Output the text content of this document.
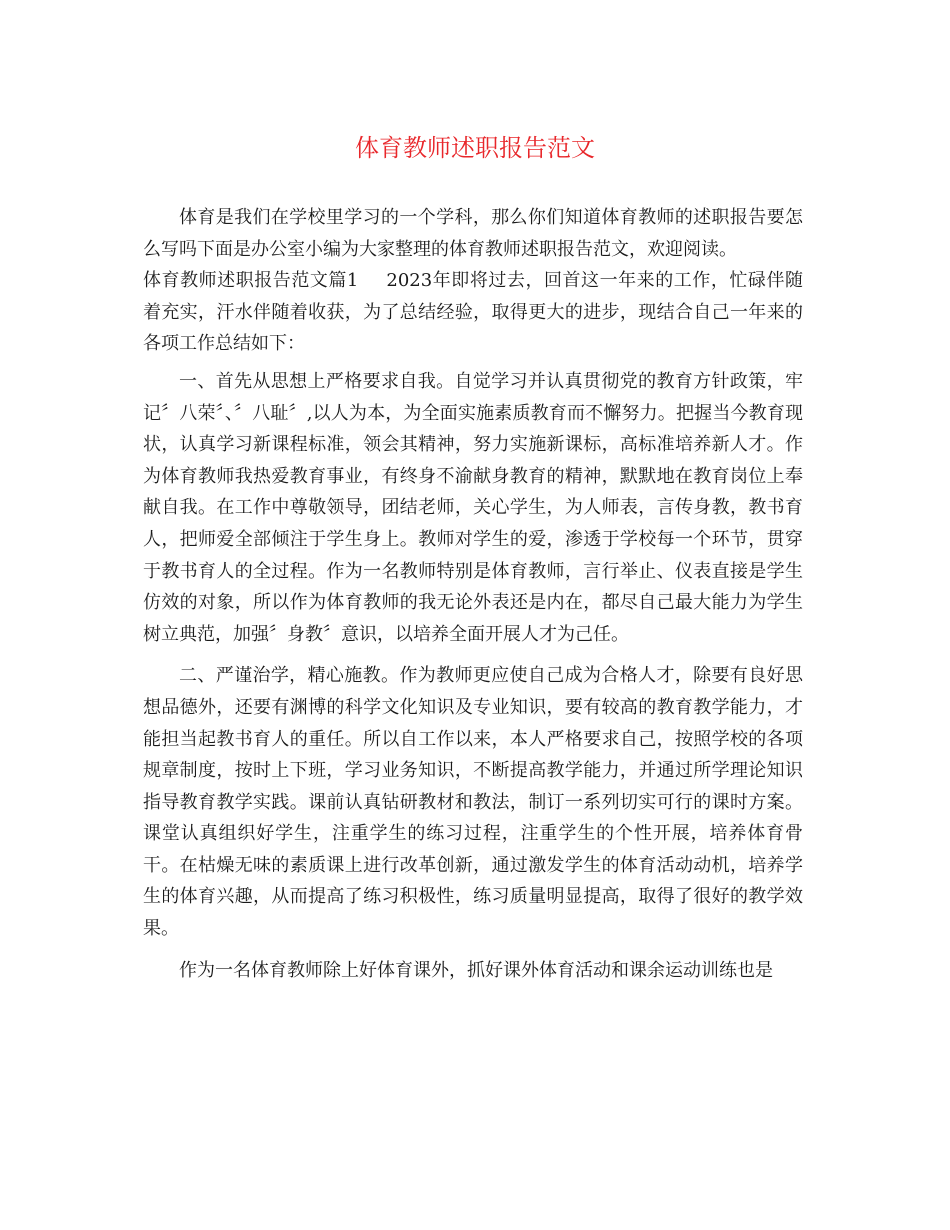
体育教师述职报告范文

体育是我们在学校里学习的一个学科，那么你们知道体育教师的述职报告要怎么写吗下面是办公室小编为大家整理的体育教师述职报告范文，欢迎阅读。

体育教师述职报告范文篇1 2023年即将过去，回首这一年来的工作，忙碌伴随着充实，汗水伴随着收获，为了总结经验，取得更大的进步，现结合自己一年来的各项工作总结如下：

一、首先从思想上严格要求自我。自觉学习并认真贯彻党的教育方针政策，牢记〞八荣〞、〞八耻〞,以人为本，为全面实施素质教育而不懈努力。把握当今教育现状，认真学习新课程标准，领会其精神，努力实施新课标，高标准培养新人才。作为体育教师我热爱教育事业，有终身不渝献身教育的精神，默默地在教育岗位上奉献自我。在工作中尊敬领导，团结老师，关心学生，为人师表，言传身教，教书育人，把师爱全部倾注于学生身上。教师对学生的爱，渗透于学校每一个环节，贯穿于教书育人的全过程。作为一名教师特别是体育教师，言行举止、仪表直接是学生仿效的对象，所以作为体育教师的我无论外表还是内在，都尽自己最大能力为学生树立典范，加强〞身教〞意识，以培养全面开展人才为己任。

二、严谨治学，精心施教。作为教师更应使自己成为合格人才，除要有良好思想品德外，还要有渊博的科学文化知识及专业知识，要有较高的教育教学能力，才能担当起教书育人的重任。所以自工作以来，本人严格要求自己，按照学校的各项规章制度，按时上下班，学习业务知识，不断提高教学能力，并通过所学理论知识指导教育教学实践。课前认真钻研教材和教法，制订一系列切实可行的课时方案。课堂认真组织好学生，注重学生的练习过程，注重学生的个性开展，培养体育骨干。在枯燥无味的素质课上进行改革创新，通过激发学生的体育活动动机，培养学生的体育兴趣，从而提高了练习积极性，练习质量明显提高，取得了很好的教学效果。

作为一名体育教师除上好体育课外，抓好课外体育活动和课余运动训练也是
